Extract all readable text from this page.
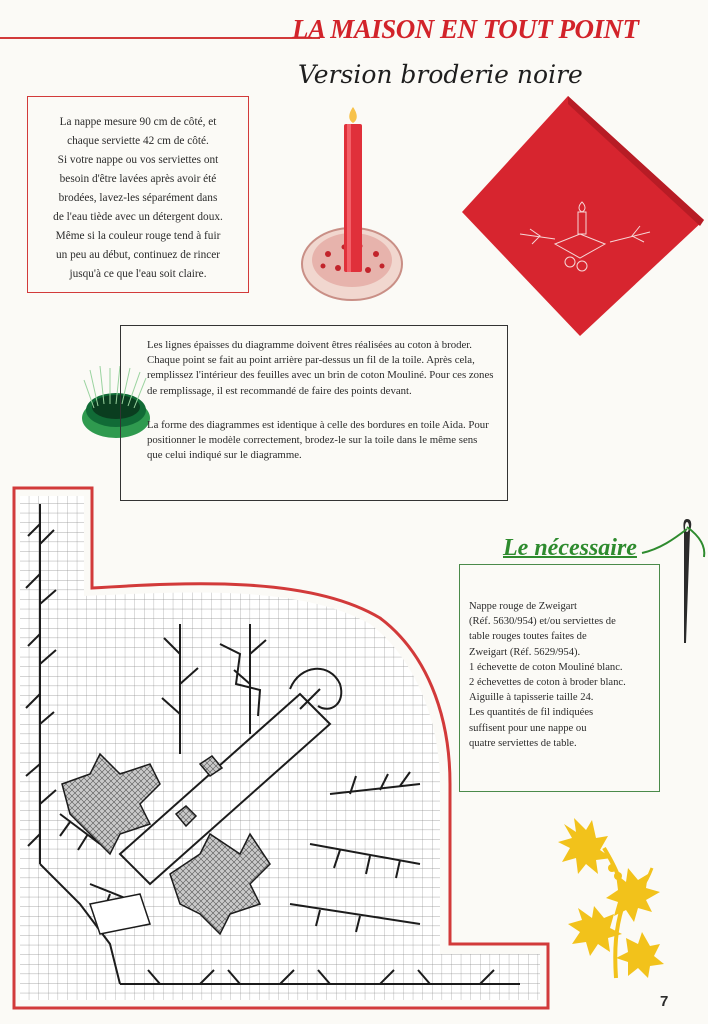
LA MAISON EN TOUT POINT
Version broderie noire
La nappe mesure 90 cm de côté, et
chaque serviette 42 cm de côté.
Si votre nappe ou vos serviettes ont
besoin d'être lavées après avoir été
brodées, lavez-les séparément dans
de l'eau tiède avec un détergent doux.
Même si la couleur rouge tend à fuir
un peu au début, continuez de rincer
jusqu'à ce que l'eau soit claire.

Les lignes épaisses du diagramme doivent êtres réalisées au coton à broder. Chaque point se fait au point arrière par-dessus un fil de la toile. Après cela, remplissez l'intérieur des feuilles avec un brin de coton Mouliné. Pour ces zones de remplissage, il est recommandé de faire des points devant.

La forme des diagrammes est identique à celle des bordures en toile Aida. Pour positionner le modèle correctement, brodez-le sur la toile dans le même sens que celui indiqué sur le diagramme.

Le nécessaire
Nappe rouge de Zweigart
(Réf. 5630/954) et/ou serviettes de
table rouges toutes faites de
Zweigart (Réf. 5629/954).
1 échevette de coton Mouliné blanc.
2 échevettes de coton à broder blanc.
Aiguille à tapisserie taille 24.
Les quantités de fil indiquées
suffisent pour une nappe ou
quatre serviettes de table.
7
